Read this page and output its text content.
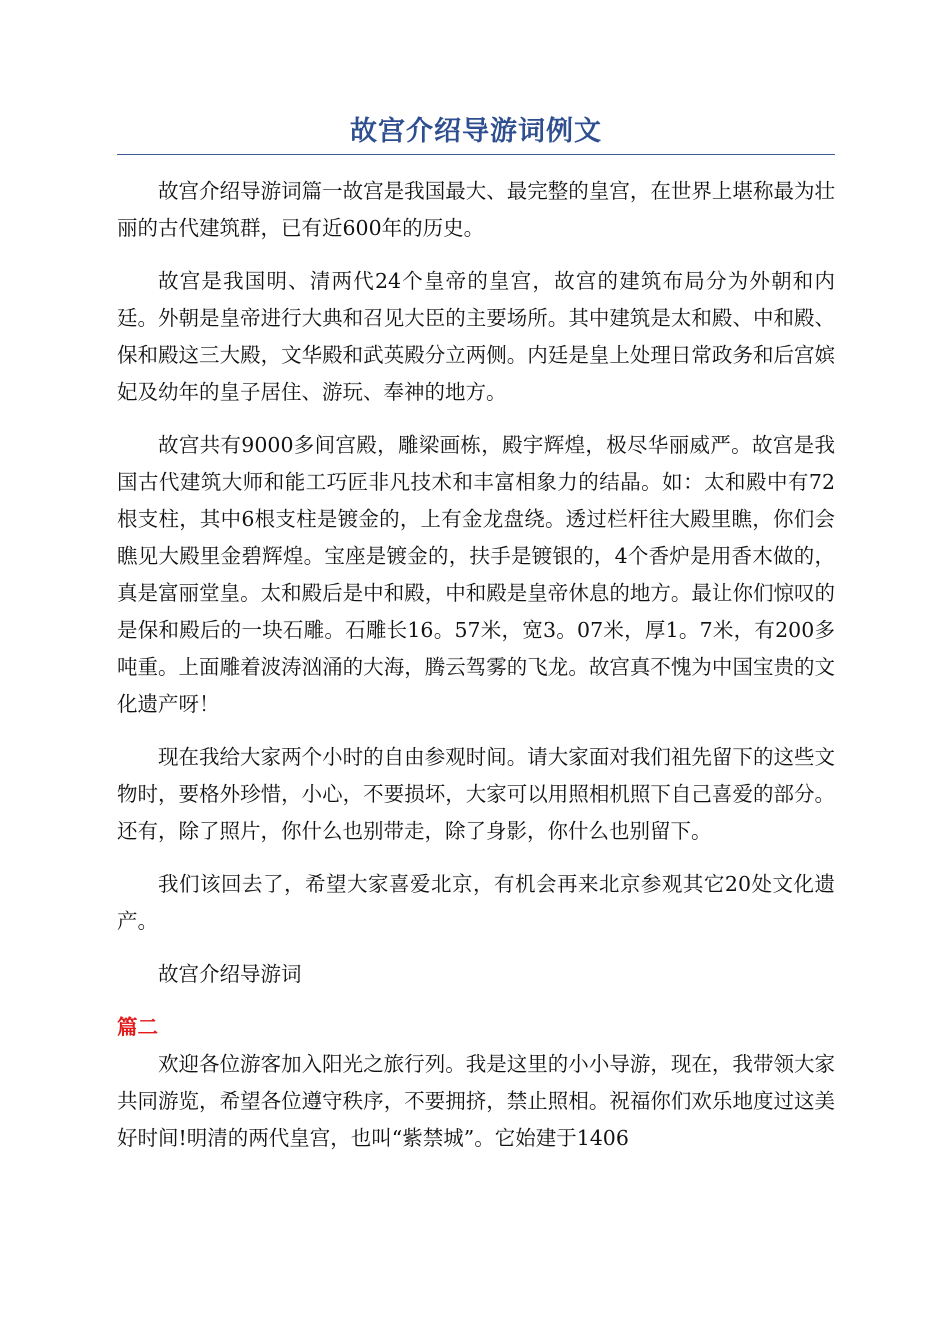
故宫介绍导游词例文

故宫介绍导游词篇一故宫是我国最大、最完整的皇宫，在世界上堪称最为壮丽的古代建筑群，已有近600年的历史。

故宫是我国明、清两代24个皇帝的皇宫，故宫的建筑布局分为外朝和内廷。外朝是皇帝进行大典和召见大臣的主要场所。其中建筑是太和殿、中和殿、保和殿这三大殿，文华殿和武英殿分立两侧。内廷是皇上处理日常政务和后宫嫔妃及幼年的皇子居住、游玩、奉神的地方。

故宫共有9000多间宫殿，雕梁画栋，殿宇辉煌，极尽华丽威严。故宫是我国古代建筑大师和能工巧匠非凡技术和丰富相象力的结晶。如：太和殿中有72根支柱，其中6根支柱是镀金的，上有金龙盘绕。透过栏杆往大殿里瞧，你们会瞧见大殿里金碧辉煌。宝座是镀金的，扶手是镀银的，4个香炉是用香木做的，真是富丽堂皇。太和殿后是中和殿，中和殿是皇帝休息的地方。最让你们惊叹的是保和殿后的一块石雕。石雕长16。57米，宽3。07米，厚1。7米，有200多吨重。上面雕着波涛汹涌的大海，腾云驾雾的飞龙。故宫真不愧为中国宝贵的文化遗产呀！

现在我给大家两个小时的自由参观时间。请大家面对我们祖先留下的这些文物时，要格外珍惜，小心，不要损坏，大家可以用照相机照下自己喜爱的部分。还有，除了照片，你什么也别带走，除了身影，你什么也别留下。

我们该回去了，希望大家喜爱北京，有机会再来北京参观其它20处文化遗产。

故宫介绍导游词

篇二

欢迎各位游客加入阳光之旅行列。我是这里的小小导游，现在，我带领大家共同游览，希望各位遵守秩序，不要拥挤，禁止照相。祝福你们欢乐地度过这美好时间!明清的两代皇宫，也叫“紫禁城”。它始建于1406
